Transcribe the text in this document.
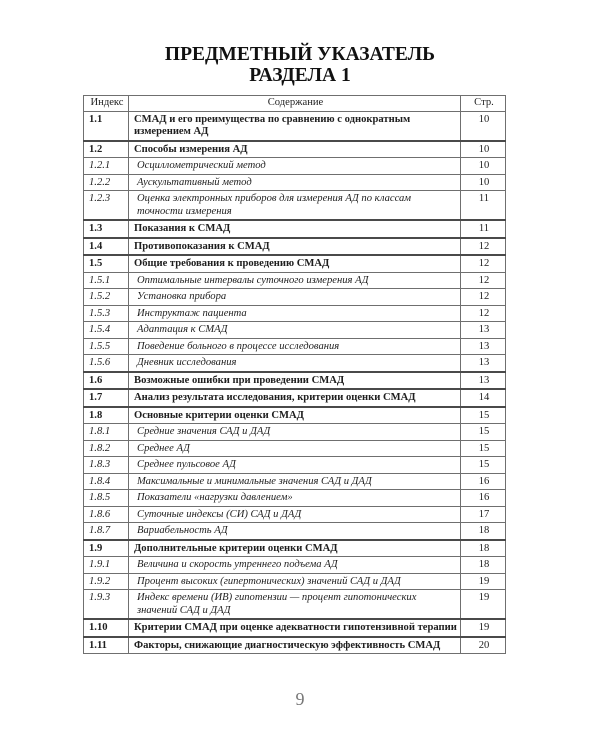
ПРЕДМЕТНЫЙ УКАЗАТЕЛЬ
РАЗДЕЛА 1
Индекс	Содержание	Стр.
1.1	СМАД и его преимущества по сравнению с однократным измерением АД	10
1.2	Способы измерения АД	10
1.2.1	Осциллометрический метод	10
1.2.2	Аускультативный метод	10
1.2.3	Оценка электронных приборов для измерения АД по классам точности измерения	11
1.3	Показания к СМАД	11
1.4	Противопоказания к СМАД	12
1.5	Общие требования к проведению СМАД	12
1.5.1	Оптимальные интервалы суточного измерения АД	12
1.5.2	Установка прибора	12
1.5.3	Инструктаж пациента	12
1.5.4	Адаптация к СМАД	13
1.5.5	Поведение больного в процессе исследования	13
1.5.6	Дневник исследования	13
1.6	Возможные ошибки при проведении СМАД	13
1.7	Анализ результата исследования, критерии оценки СМАД	14
1.8	Основные критерии оценки СМАД	15
1.8.1	Средние значения САД и ДАД	15
1.8.2	Среднее АД	15
1.8.3	Среднее пульсовое АД	15
1.8.4	Максимальные и минимальные значения САД и ДАД	16
1.8.5	Показатели «нагрузки давлением»	16
1.8.6	Суточные индексы (СИ) САД и ДАД	17
1.8.7	Вариабельность АД	18
1.9	Дополнительные критерии оценки СМАД	18
1.9.1	Величина и скорость утреннего подъема АД	18
1.9.2	Процент высоких (гипертонических) значений САД и ДАД	19
1.9.3	Индекс времени (ИВ) гипотензии — процент гипотонических значений САД и ДАД	19
1.10	Критерии СМАД при оценке адекватности гипотензивной терапии	19
1.11	Факторы, снижающие диагностическую эффективность СМАД	20
9
